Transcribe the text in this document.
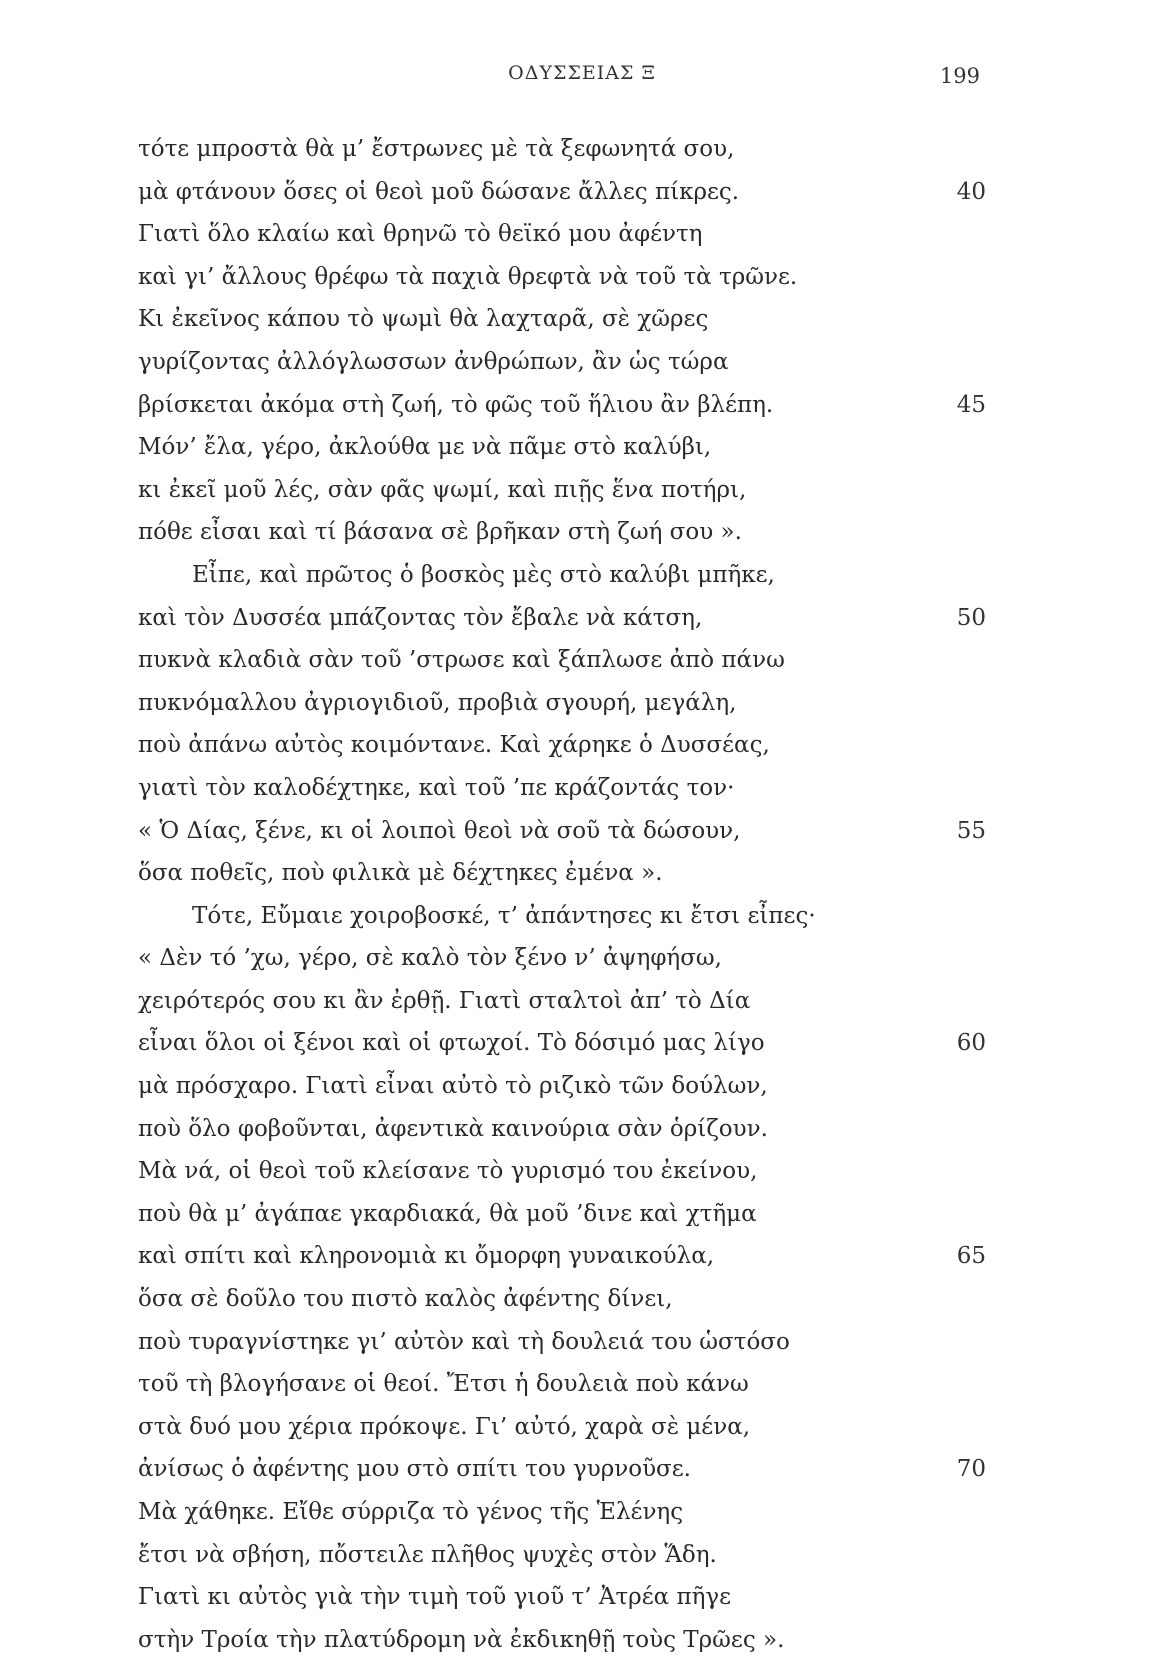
ΟΔΥΣΣΕΙΑΣ Ξ	199
τότε μπροστὰ θὰ μ’ ἔστρωνες μὲ τὰ ξεφωνητά σου,
μὰ φτάνουν ὅσες οἱ θεοὶ μοῦ δώσανε ἄλλες πίκρες.	40
Γιατὶ ὅλο κλαίω καὶ θρηνῶ τὸ θεϊκό μου ἀφέντη
καὶ γι’ ἄλλους θρέφω τὰ παχιὰ θρεφτὰ νὰ τοῦ τὰ τρῶνε.
Κι ἐκεῖνος κάπου τὸ ψωμὶ θὰ λαχταρᾶ, σὲ χῶρες
γυρίζοντας ἀλλόγλωσσων ἀνθρώπων, ἂν ὡς τώρα
βρίσκεται ἀκόμα στὴ ζωή, τὸ φῶς τοῦ ἥλιου ἂν βλέπη.	45
Μόν’ ἔλα, γέρο, ἀκλούθα με νὰ πᾶμε στὸ καλύβι,
κι ἐκεῖ μοῦ λές, σὰν φᾶς ψωμί, καὶ πιῇς ἕνα ποτήρι,
πόθε εἶσαι καὶ τί βάσανα σὲ βρῆκαν στὴ ζωή σου ».
Εἶπε, καὶ πρῶτος ὁ βοσκὸς μὲς στὸ καλύβι μπῆκε,
καὶ τὸν Δυσσέα μπάζοντας τὸν ἔβαλε νὰ κάτση,	50
πυκνὰ κλαδιὰ σὰν τοῦ ’στρωσε καὶ ξάπλωσε ἀπὸ πάνω
πυκνόμαλλου ἀγριογιδιοῦ, προβιὰ σγουρή, μεγάλη,
ποὺ ἀπάνω αὐτὸς κοιμόντανε. Καὶ χάρηκε ὁ Δυσσέας,
γιατὶ τὸν καλοδέχτηκε, καὶ τοῦ ’πε κράζοντάς τον·
« Ὁ Δίας, ξένε, κι οἱ λοιποὶ θεοὶ νὰ σοῦ τὰ δώσουν,	55
ὅσα ποθεῖς, ποὺ φιλικὰ μὲ δέχτηκες ἐμένα ».
Τότε, Εὔμαιε χοιροβοσκέ, τ’ ἀπάντησες κι ἔτσι εἶπες·
« Δὲν τό ’χω, γέρο, σὲ καλὸ τὸν ξένο ν’ ἀψηφήσω,
χειρότερός σου κι ἂν ἐρθῇ. Γιατὶ σταλτοὶ ἀπ’ τὸ Δία
εἶναι ὅλοι οἱ ξένοι καὶ οἱ φτωχοί. Τὸ δόσιμό μας λίγο	60
μὰ πρόσχαρο. Γιατὶ εἶναι αὐτὸ τὸ ριζικὸ τῶν δούλων,
ποὺ ὅλο φοβοῦνται, ἀφεντικὰ καινούρια σὰν ὁρίζουν.
Μὰ νά, οἱ θεοὶ τοῦ κλείσανε τὸ γυρισμό του ἐκείνου,
ποὺ θὰ μ’ ἀγάπαε γκαρδιακά, θὰ μοῦ ’δινε καὶ χτῆμα
καὶ σπίτι καὶ κληρονομιὰ κι ὄμορφη γυναικούλα,	65
ὅσα σὲ δοῦλο του πιστὸ καλὸς ἀφέντης δίνει,
ποὺ τυραγνίστηκε γι’ αὐτὸν καὶ τὴ δουλειά του ὡστόσο
τοῦ τὴ βλογήσανε οἱ θεοί. Ἔτσι ἡ δουλειὰ ποὺ κάνω
στὰ δυό μου χέρια πρόκοψε. Γι’ αὐτό, χαρὰ σὲ μένα,
ἀνίσως ὁ ἀφέντης μου στὸ σπίτι του γυρνοῦσε.	70
Μὰ χάθηκε. Εἴθε σύρριζα τὸ γένος τῆς Ἑλένης
ἔτσι νὰ σβήση, πὄστειλε πλῆθος ψυχὲς στὸν Ἅδη.
Γιατὶ κι αὐτὸς γιὰ τὴν τιμὴ τοῦ γιοῦ τ’ Ἀτρέα πῆγε
στὴν Τροία τὴν πλατύδρομη νὰ ἐκδικηθῇ τοὺς Τρῶες ».
